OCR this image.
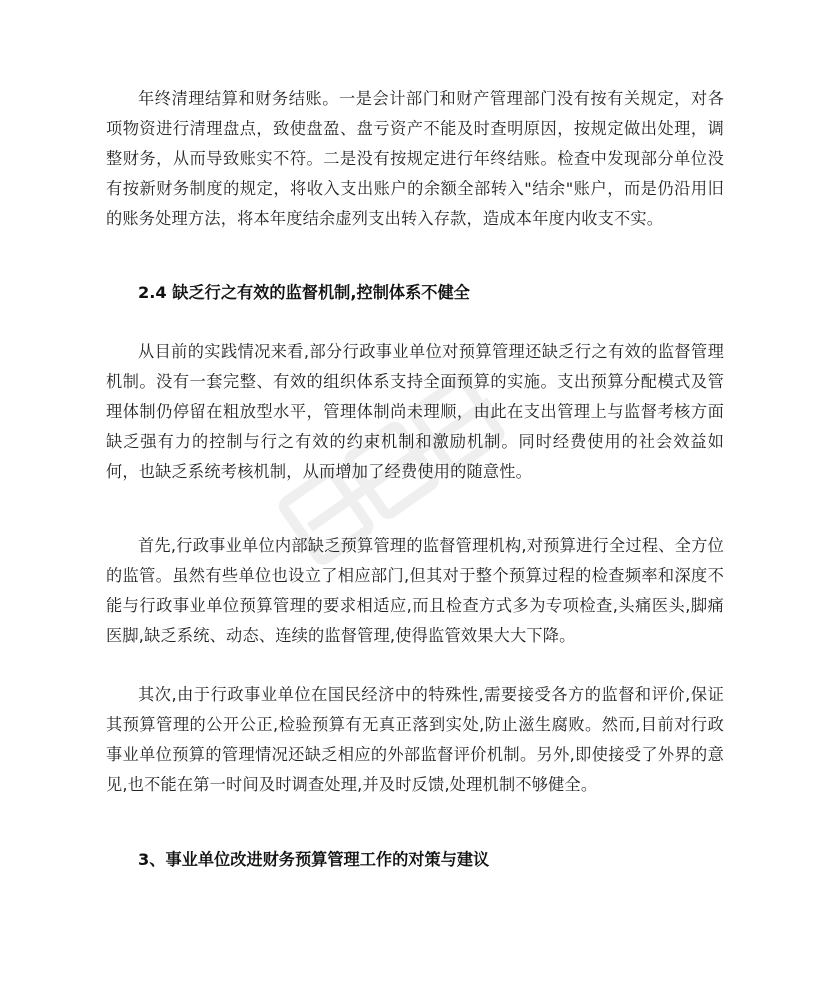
年终清理结算和财务结账。一是会计部门和财产管理部门没有按有关规定，对各项物资进行清理盘点，致使盘盈、盘亏资产不能及时查明原因，按规定做出处理，调整财务，从而导致账实不符。二是没有按规定进行年终结账。检查中发现部分单位没有按新财务制度的规定，将收入支出账户的余额全部转入"结余"账户，而是仍沿用旧的账务处理方法，将本年度结余虚列支出转入存款，造成本年度内收支不实。

2.4 缺乏行之有效的监督机制,控制体系不健全

从目前的实践情况来看,部分行政事业单位对预算管理还缺乏行之有效的监督管理机制。没有一套完整、有效的组织体系支持全面预算的实施。支出预算分配模式及管理体制仍停留在粗放型水平，管理体制尚未理顺，由此在支出管理上与监督考核方面缺乏强有力的控制与行之有效的约束机制和激励机制。同时经费使用的社会效益如何，也缺乏系统考核机制，从而增加了经费使用的随意性。

首先,行政事业单位内部缺乏预算管理的监督管理机构,对预算进行全过程、全方位的监管。虽然有些单位也设立了相应部门,但其对于整个预算过程的检查频率和深度不能与行政事业单位预算管理的要求相适应,而且检查方式多为专项检查,头痛医头,脚痛医脚,缺乏系统、动态、连续的监督管理,使得监管效果大大下降。

其次,由于行政事业单位在国民经济中的特殊性,需要接受各方的监督和评价,保证其预算管理的公开公正,检验预算有无真正落到实处,防止滋生腐败。然而,目前对行政事业单位预算的管理情况还缺乏相应的外部监督评价机制。另外,即使接受了外界的意见,也不能在第一时间及时调查处理,并及时反馈,处理机制不够健全。

3、事业单位改进财务预算管理工作的对策与建议
